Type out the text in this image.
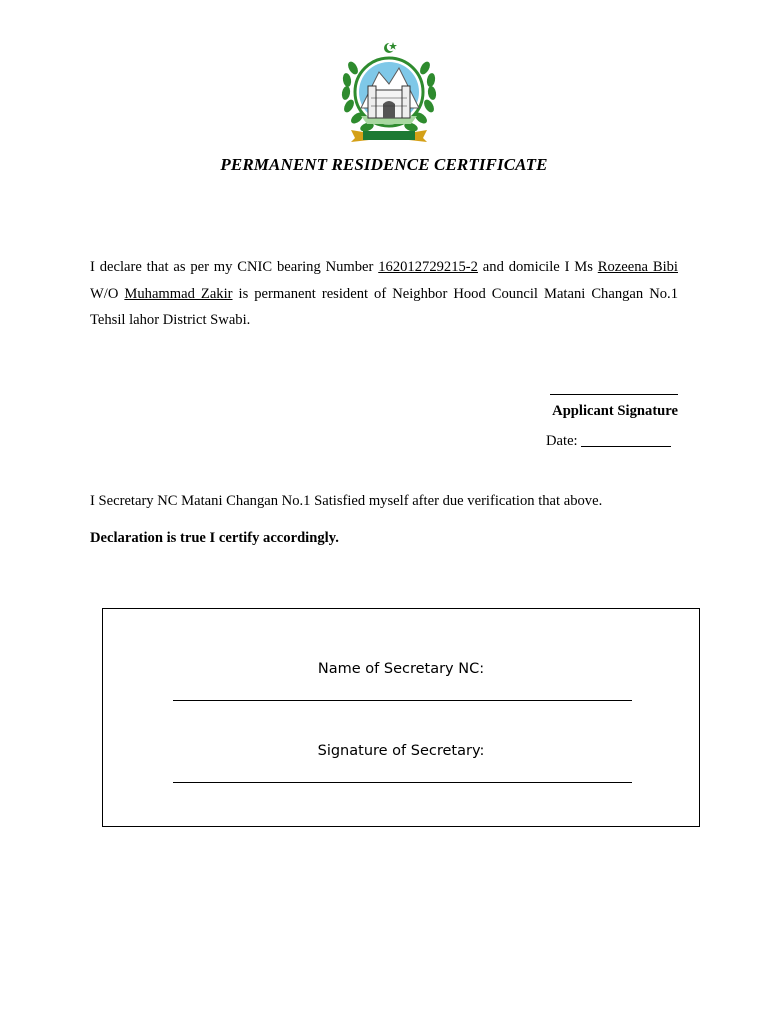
PERMANENT RESIDENCE CERTIFICATE

I declare that as per my CNIC bearing Number 162012729215-2 and domicile I Ms Rozeena Bibi W/O Muhammad Zakir is permanent resident of Neighbor Hood Council Matani Changan No.1 Tehsil lahor District Swabi.

Applicant Signature
Date:
I Secretary NC Matani Changan No.1 Satisfied myself after due verification that above.
Declaration is true I certify accordingly.
Name of Secretary NC:
Signature of Secretary:
